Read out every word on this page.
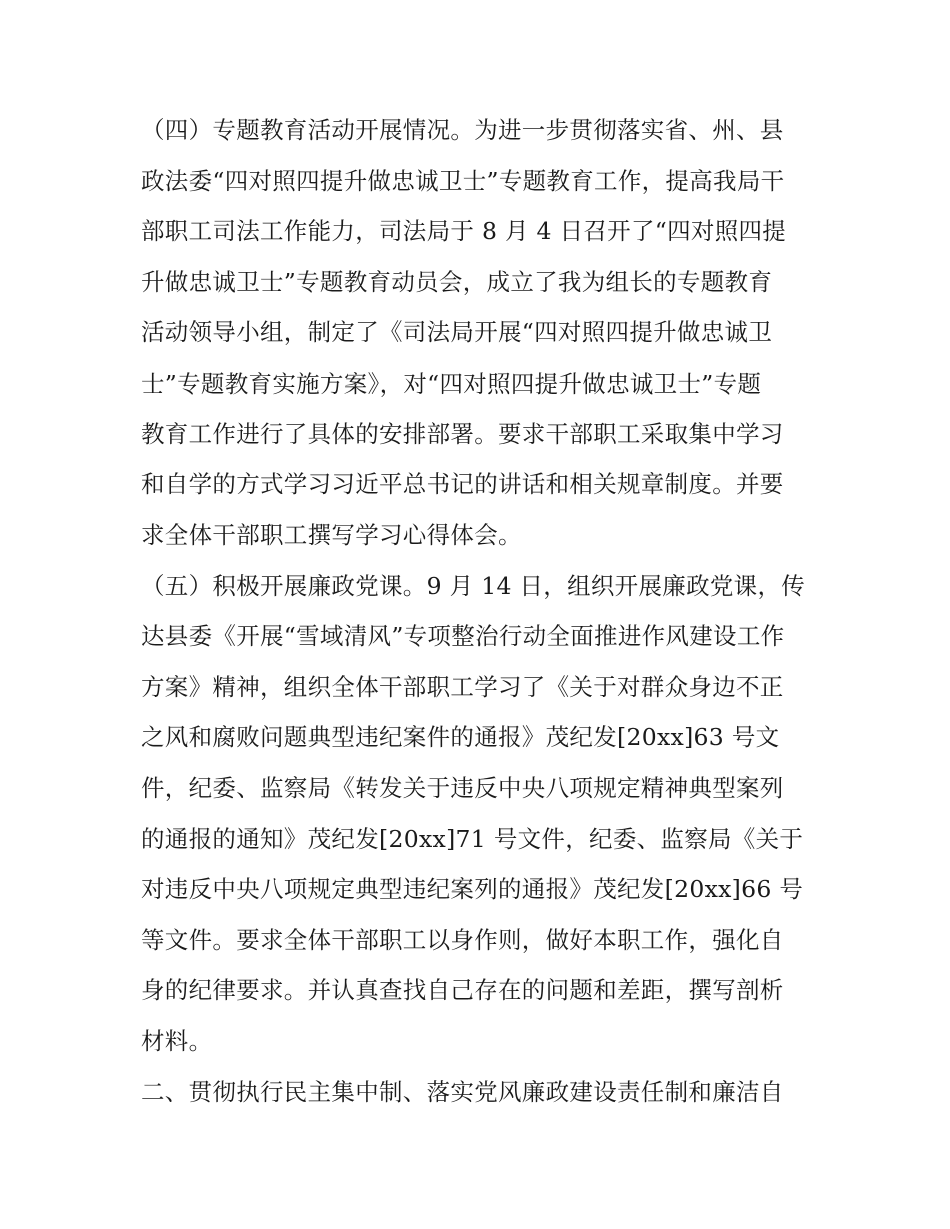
（四）专题教育活动开展情况。为进一步贯彻落实省、州、县
政法委“四对照四提升做忠诚卫士”专题教育工作，提高我局干
部职工司法工作能力，司法局于 8 月 4 日召开了“四对照四提
升做忠诚卫士”专题教育动员会，成立了我为组长的专题教育
活动领导小组，制定了《司法局开展“四对照四提升做忠诚卫
士”专题教育实施方案》，对“四对照四提升做忠诚卫士”专题
教育工作进行了具体的安排部署。要求干部职工采取集中学习
和自学的方式学习习近平总书记的讲话和相关规章制度。并要
求全体干部职工撰写学习心得体会。
（五）积极开展廉政党课。9 月 14 日，组织开展廉政党课，传
达县委《开展“雪域清风”专项整治行动全面推进作风建设工作
方案》精神，组织全体干部职工学习了《关于对群众身边不正
之风和腐败问题典型违纪案件的通报》茂纪发[20xx]63 号文
件，纪委、监察局《转发关于违反中央八项规定精神典型案列
的通报的通知》茂纪发[20xx]71 号文件，纪委、监察局《关于
对违反中央八项规定典型违纪案列的通报》茂纪发[20xx]66 号
等文件。要求全体干部职工以身作则，做好本职工作，强化自
身的纪律要求。并认真查找自己存在的问题和差距，撰写剖析
材料。
二、贯彻执行民主集中制、落实党风廉政建设责任制和廉洁自
